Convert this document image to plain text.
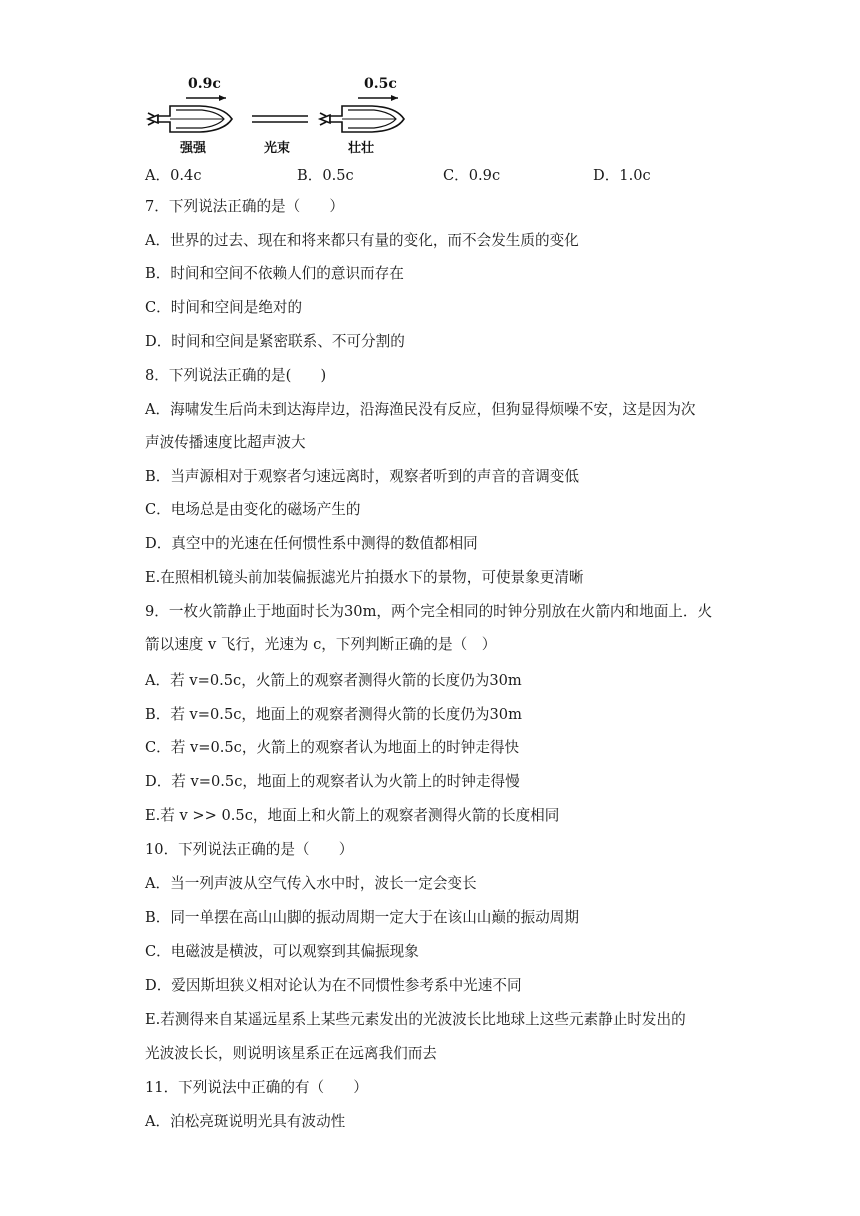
0.9c	0.5c
强强	光束	壮壮
A．0.4c	B．0.5c	C．0.9c	D．1.0c
7．下列说法正确的是（　　）
A．世界的过去、现在和将来都只有量的变化，而不会发生质的变化
B．时间和空间不依赖人们的意识而存在
C．时间和空间是绝对的
D．时间和空间是紧密联系、不可分割的
8．下列说法正确的是(　　)
A．海啸发生后尚未到达海岸边，沿海渔民没有反应，但狗显得烦噪不安，这是因为次
声波传播速度比超声波大
B．当声源相对于观察者匀速远离时，观察者听到的声音的音调变低
C．电场总是由变化的磁场产生的
D．真空中的光速在任何惯性系中测得的数值都相同
E.在照相机镜头前加装偏振滤光片拍摄水下的景物，可使景象更清晰
9．一枚火箭静止于地面时长为30m，两个完全相同的时钟分别放在火箭内和地面上．火
箭以速度 v 飞行，光速为 c，下列判断正确的是（　）
A．若 v=0.5c，火箭上的观察者测得火箭的长度仍为30m
B．若 v=0.5c，地面上的观察者测得火箭的长度仍为30m
C．若 v=0.5c，火箭上的观察者认为地面上的时钟走得快
D．若 v=0.5c，地面上的观察者认为火箭上的时钟走得慢
E.若 v >> 0.5c，地面上和火箭上的观察者测得火箭的长度相同
10．下列说法正确的是（　　）
A．当一列声波从空气传入水中时，波长一定会变长
B．同一单摆在高山山脚的振动周期一定大于在该山山巅的振动周期
C．电磁波是横波，可以观察到其偏振现象
D．爱因斯坦狭义相对论认为在不同惯性参考系中光速不同
E.若测得来自某遥远星系上某些元素发出的光波波长比地球上这些元素静止时发出的
光波波长长，则说明该星系正在远离我们而去
11．下列说法中正确的有（　　）
A．泊松亮斑说明光具有波动性
